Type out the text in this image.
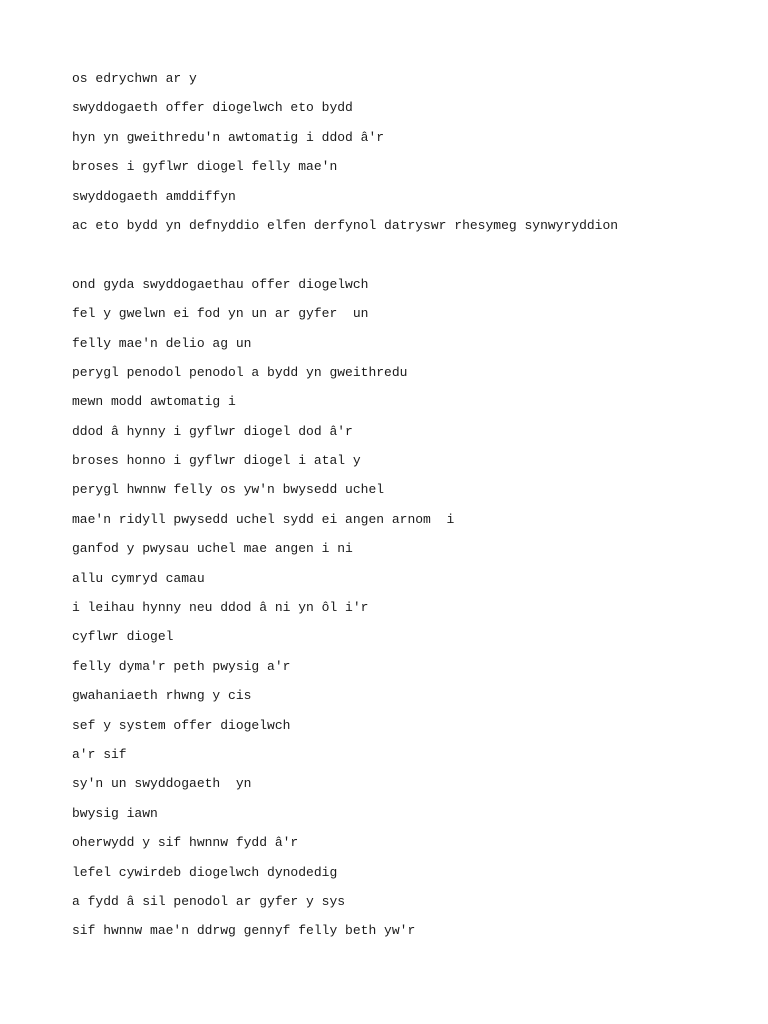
os edrychwn ar y
swyddogaeth offer diogelwch eto bydd
hyn yn gweithredu'n awtomatig i ddod â'r
broses i gyflwr diogel felly mae'n
swyddogaeth amddiffyn
ac eto bydd yn defnyddio elfen derfynol datryswr rhesymeg synwyryddion
ond gyda swyddogaethau offer diogelwch
fel y gwelwn ei fod yn un ar gyfer  un
felly mae'n delio ag un
perygl penodol penodol a bydd yn gweithredu
mewn modd awtomatig i
ddod â hynny i gyflwr diogel dod â'r
broses honno i gyflwr diogel i atal y
perygl hwnnw felly os yw'n bwysedd uchel
mae'n ridyll pwysedd uchel sydd ei angen arnom  i
ganfod y pwysau uchel mae angen i ni
allu cymryd camau
i leihau hynny neu ddod â ni yn ôl i'r
cyflwr diogel
felly dyma'r peth pwysig a'r
gwahaniaeth rhwng y cis
sef y system offer diogelwch
a'r sif
sy'n un swyddogaeth  yn
bwysig iawn
oherwydd y sif hwnnw fydd â'r
lefel cywirdeb diogelwch dynodedig
a fydd â sil penodol ar gyfer y sys
sif hwnnw mae'n ddrwg gennyf felly beth yw'r
